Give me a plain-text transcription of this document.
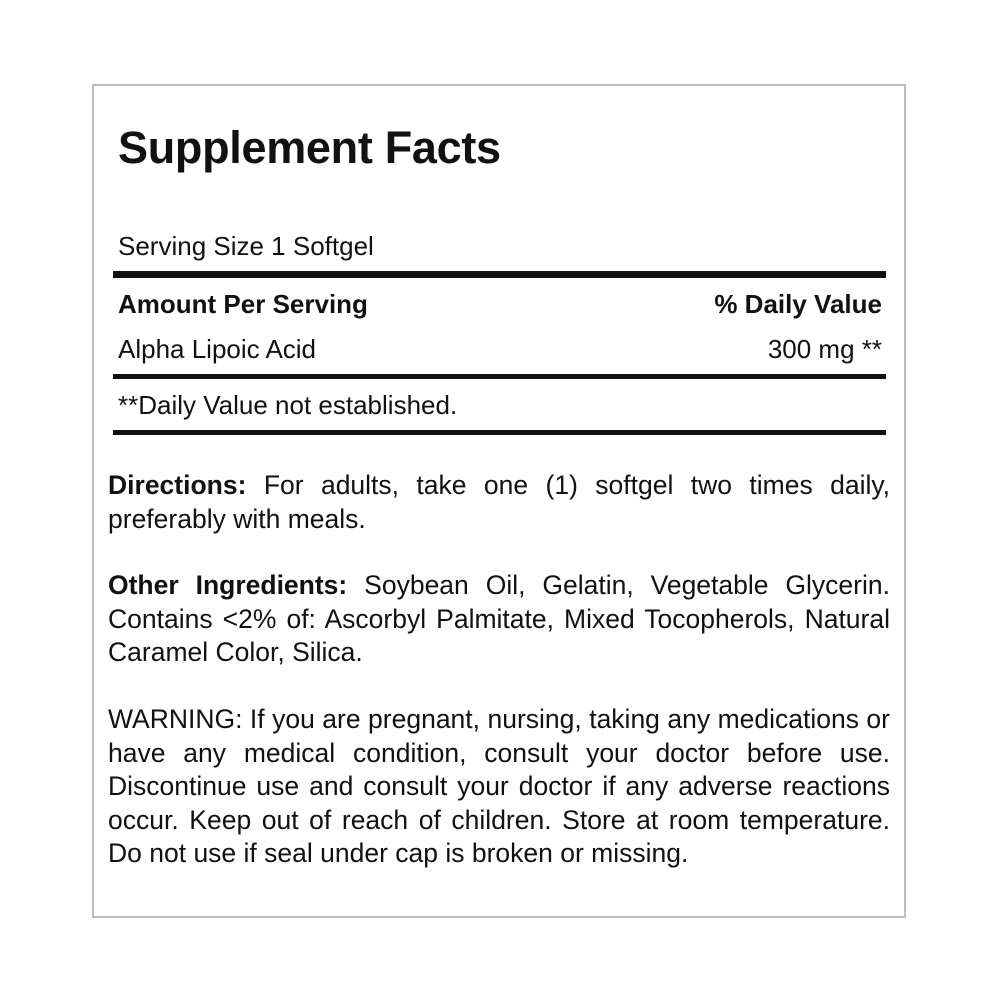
Supplement Facts
Serving Size 1 Softgel
Amount Per Serving	% Daily Value
Alpha Lipoic Acid	300 mg **
**Daily Value not established.
Directions: For adults, take one (1) softgel two times daily, preferably with meals.
Other Ingredients: Soybean Oil, Gelatin, Vegetable Glycerin. Contains <2% of: Ascorbyl Palmitate, Mixed Tocopherols, Natural Caramel Color, Silica.
WARNING: If you are pregnant, nursing, taking any medications or have any medical condition, consult your doctor before use. Discontinue use and consult your doctor if any adverse reactions occur. Keep out of reach of children. Store at room temperature. Do not use if seal under cap is broken or missing.
